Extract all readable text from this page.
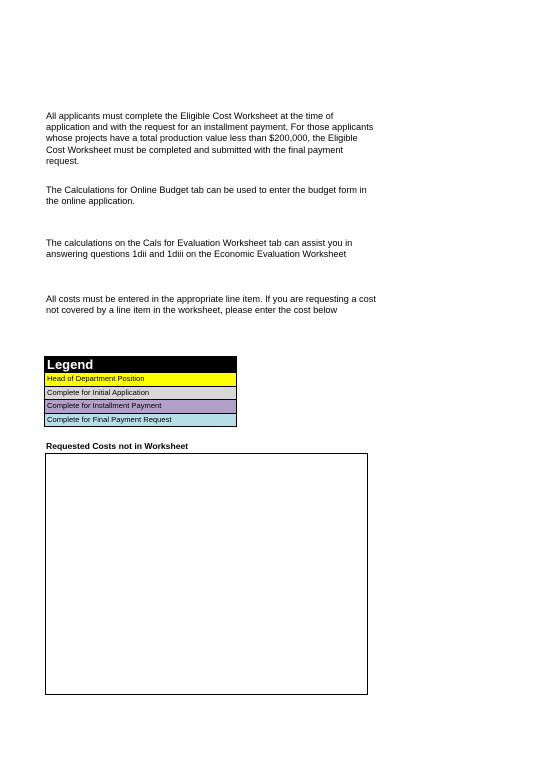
All applicants must complete the Eligible Cost Worksheet at the time of application and with the request for an installment payment. For those applicants whose projects have a total production value less than $200,000, the Eligible Cost Worksheet must be completed and submitted with the final payment request.

The Calculations for Online Budget tab can be used to enter the budget form in the online application.

The calculations on the Cals for Evaluation Worksheet tab can assist you in answering questions 1dii and 1diii on the Economic Evaluation Worksheet

All costs must be entered in the appropriate line item. If you are requesting a cost not covered by a line item in the worksheet, please enter the cost below

Legend
Head of Department Position
Complete for Initial Application
Complete for Installment Payment
Complete for Final Payment Request
Requested Costs not in Worksheet
